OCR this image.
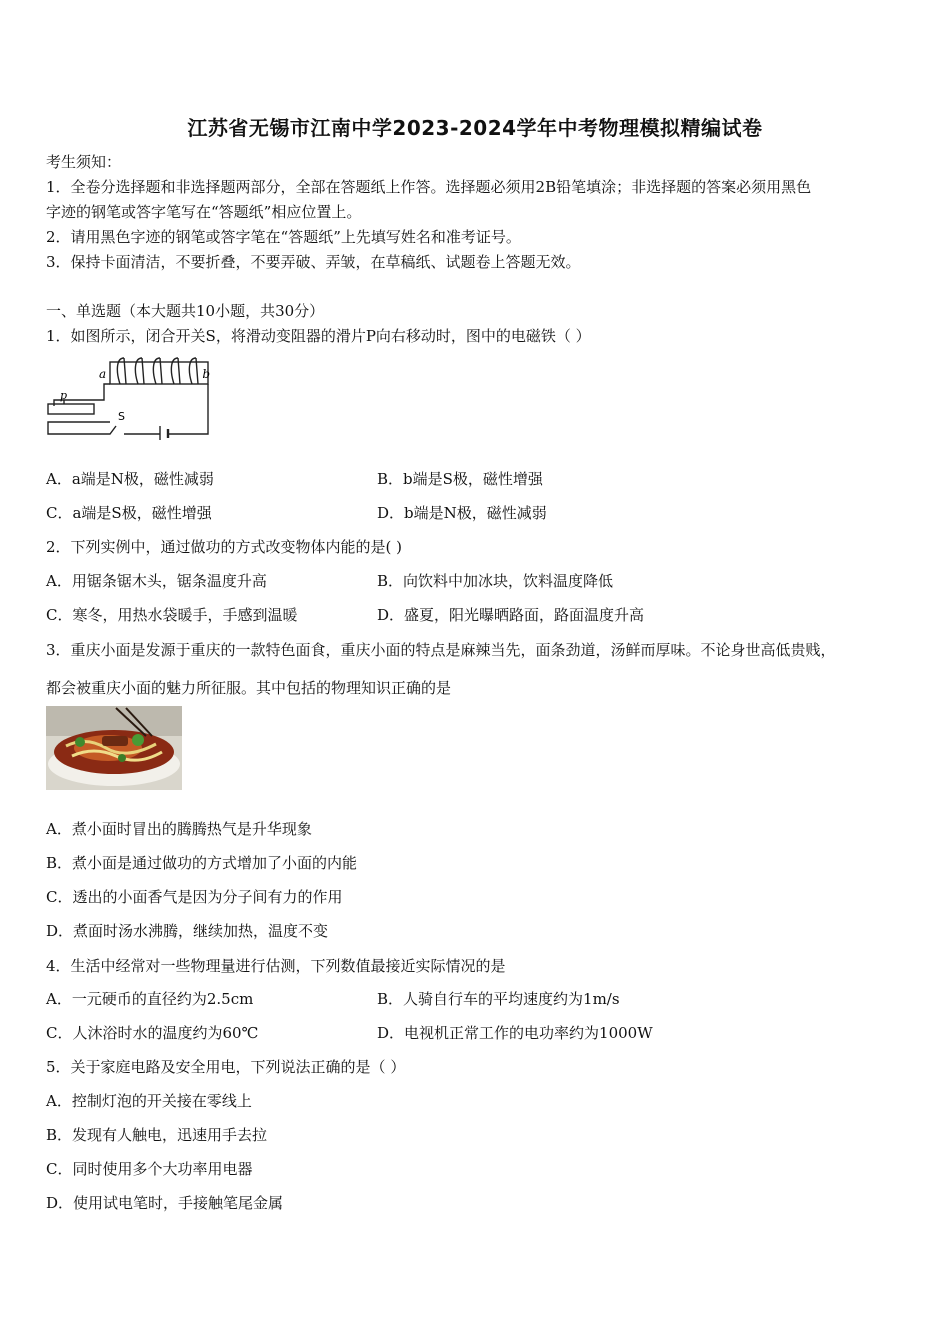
江苏省无锡市江南中学2023-2024学年中考物理模拟精编试卷
考生须知：
1．全卷分选择题和非选择题两部分，全部在答题纸上作答。选择题必须用2B铅笔填涂；非选择题的答案必须用黑色
字迹的钢笔或答字笔写在“答题纸”相应位置上。
2．请用黑色字迹的钢笔或答字笔在“答题纸”上先填写姓名和准考证号。
3．保持卡面清洁，不要折叠，不要弄破、弄皱，在草稿纸、试题卷上答题无效。
一、单选题（本大题共10小题，共30分）
1．如图所示，闭合开关S，将滑动变阻器的滑片P向右移动时，图中的电磁铁（ ）
a	b
p
S
A．a端是N极，磁性减弱	B．b端是S极，磁性增强
C．a端是S极，磁性增强	D．b端是N极，磁性减弱
2．下列实例中，通过做功的方式改变物体内能的是( )
A．用锯条锯木头，锯条温度升高	B．向饮料中加冰块，饮料温度降低
C．寒冬，用热水袋暖手，手感到温暖	D．盛夏，阳光曝晒路面，路面温度升高
3．重庆小面是发源于重庆的一款特色面食，重庆小面的特点是麻辣当先，面条劲道，汤鲜而厚味。不论身世高低贵贱，
都会被重庆小面的魅力所征服。其中包括的物理知识正确的是
A．煮小面时冒出的腾腾热气是升华现象
B．煮小面是通过做功的方式增加了小面的内能
C．透出的小面香气是因为分子间有力的作用
D．煮面时汤水沸腾，继续加热，温度不变
4．生活中经常对一些物理量进行估测，下列数值最接近实际情况的是
A．一元硬币的直径约为2.5cm	B．人骑自行车的平均速度约为1m/s
C．人沐浴时水的温度约为60℃	D．电视机正常工作的电功率约为1000W
5．关于家庭电路及安全用电，下列说法正确的是（ ）
A．控制灯泡的开关接在零线上
B．发现有人触电，迅速用手去拉
C．同时使用多个大功率用电器
D．使用试电笔时，手接触笔尾金属
